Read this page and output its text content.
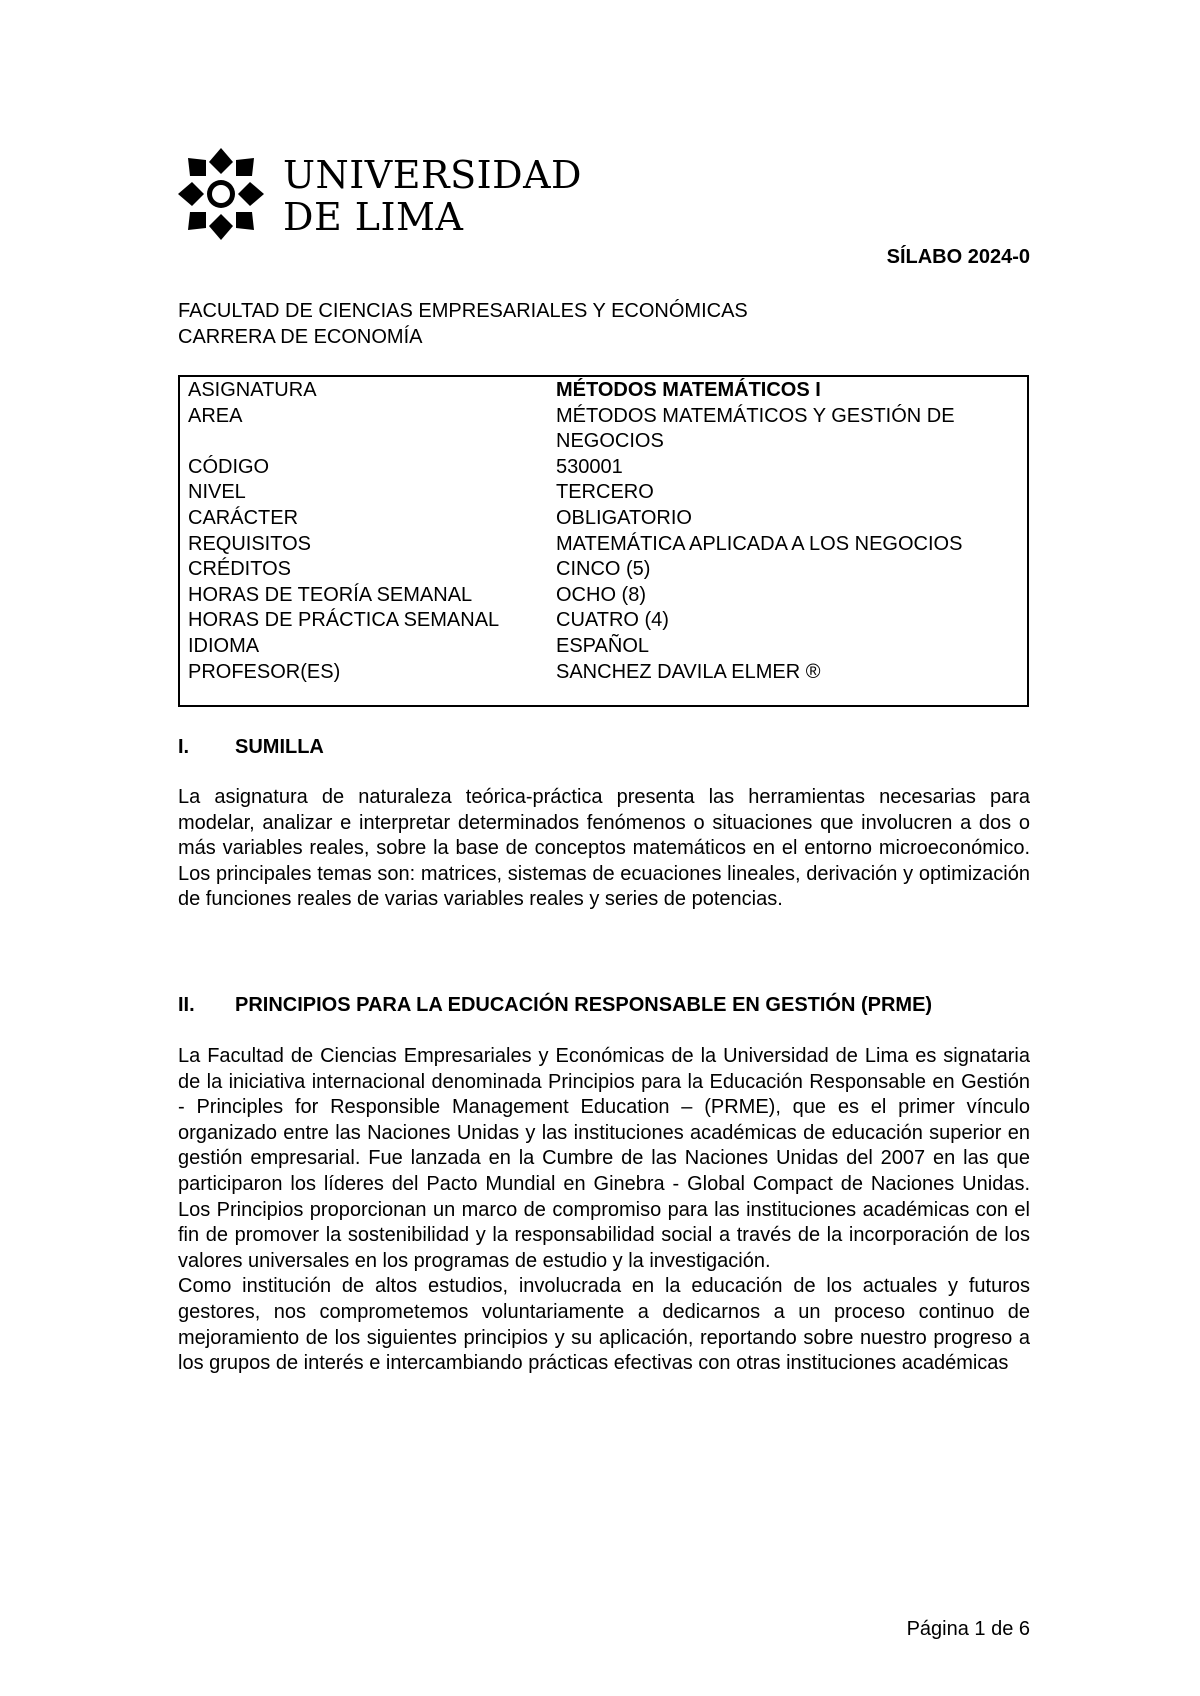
UNIVERSIDAD
DE LIMA
SÍLABO 2024-0
FACULTAD DE CIENCIAS EMPRESARIALES Y ECONÓMICAS
CARRERA DE ECONOMÍA
ASIGNATURA	MÉTODOS MATEMÁTICOS I
AREA	MÉTODOS MATEMÁTICOS Y GESTIÓN DE NEGOCIOS
CÓDIGO	530001
NIVEL	TERCERO
CARÁCTER	OBLIGATORIO
REQUISITOS	MATEMÁTICA APLICADA A LOS NEGOCIOS
CRÉDITOS	CINCO (5)
HORAS DE TEORÍA SEMANAL	OCHO (8)
HORAS DE PRÁCTICA SEMANAL	CUATRO (4)
IDIOMA	ESPAÑOL
PROFESOR(ES)	SANCHEZ DAVILA ELMER ®
I.	SUMILLA

La asignatura de naturaleza teórica-práctica presenta las herramientas necesarias para modelar, analizar e interpretar determinados fenómenos o situaciones que involucren a dos o más variables reales, sobre la base de conceptos matemáticos en el entorno microeconómico. Los principales temas son: matrices, sistemas de ecuaciones lineales, derivación y optimización de funciones reales de varias variables reales y series de potencias.

II.	PRINCIPIOS PARA LA EDUCACIÓN RESPONSABLE EN GESTIÓN (PRME)

La Facultad de Ciencias Empresariales y Económicas de la Universidad de Lima es signataria de la iniciativa internacional denominada Principios para la Educación Responsable en Gestión - Principles for Responsible Management Education – (PRME), que es el primer vínculo organizado entre las Naciones Unidas y las instituciones académicas de educación superior en gestión empresarial. Fue lanzada en la Cumbre de las Naciones Unidas del 2007 en las que participaron los líderes del Pacto Mundial en Ginebra - Global Compact de Naciones Unidas. Los Principios proporcionan un marco de compromiso para las instituciones académicas con el fin de promover la sostenibilidad y la responsabilidad social a través de la incorporación de los valores universales en los programas de estudio y la investigación.

Como institución de altos estudios, involucrada en la educación de los actuales y futuros gestores, nos comprometemos voluntariamente a dedicarnos a un proceso continuo de mejoramiento de los siguientes principios y su aplicación, reportando sobre nuestro progreso a los grupos de interés e intercambiando prácticas efectivas con otras instituciones académicas

Página 1 de 6
